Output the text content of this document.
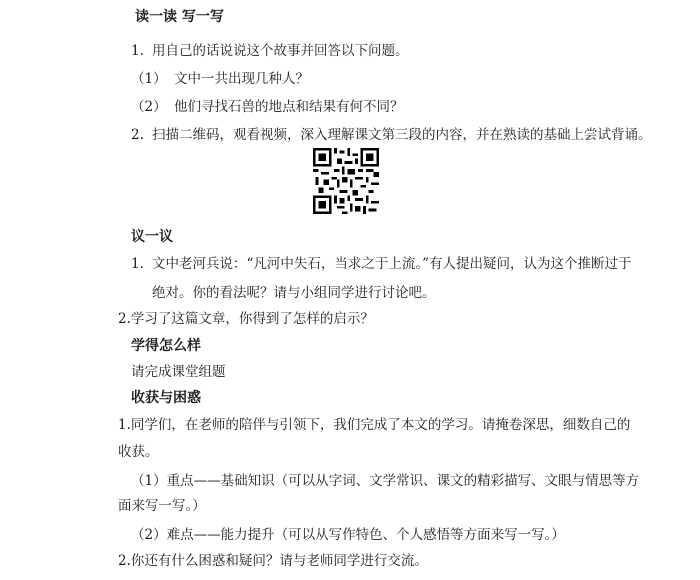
读一读 写一写
1. 用自己的话说说这个故事并回答以下问题。
（1） 文中一共出现几种人？
（2） 他们寻找石兽的地点和结果有何不同？
2. 扫描二维码，观看视频，深入理解课文第三段的内容，并在熟读的基础上尝试背诵。
议一议
1. 文中老河兵说：“凡河中失石，当求之于上流。”有人提出疑问，认为这个推断过于
绝对。你的看法呢？请与小组同学进行讨论吧。
2.学习了这篇文章，你得到了怎样的启示？
学得怎么样
请完成课堂组题
收获与困惑
1.同学们，在老师的陪伴与引领下，我们完成了本文的学习。请掩卷深思，细数自己的
收获。
（1）重点——基础知识（可以从字词、文学常识、课文的精彩描写、文眼与情思等方
面来写一写。）
（2）难点——能力提升（可以从写作特色、个人感悟等方面来写一写。）
2.你还有什么困惑和疑问？请与老师同学进行交流。
